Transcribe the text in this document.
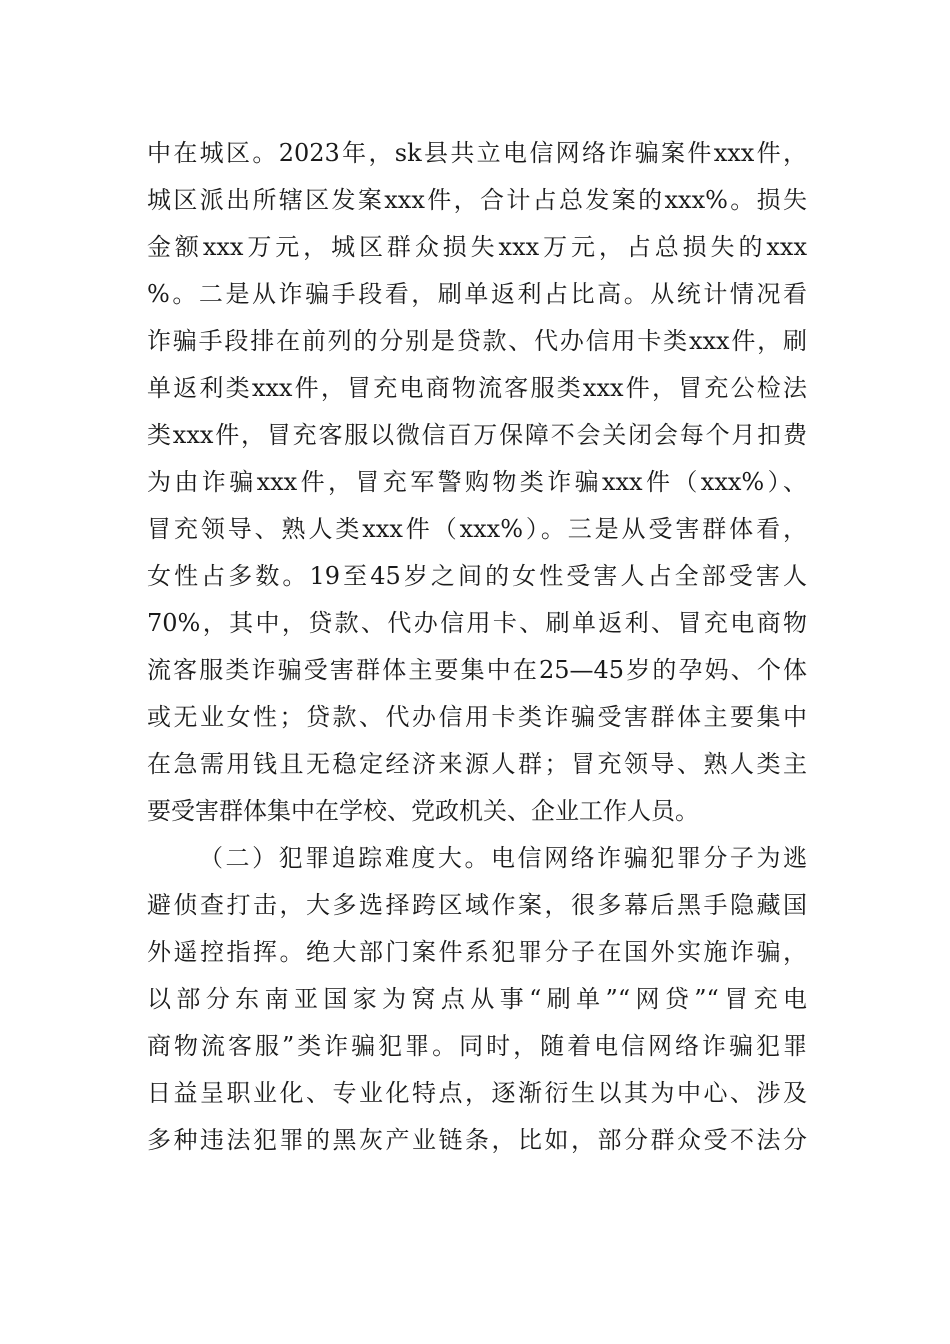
中在城区。2023年，sk县共立电信网络诈骗案件xxx件，
城区派出所辖区发案xxx件，合计占总发案的xxx%。损失
金额xxx万元，城区群众损失xxx万元，占总损失的xxx
%。二是从诈骗手段看，刷单返利占比高。从统计情况看
诈骗手段排在前列的分别是贷款、代办信用卡类xxx件，刷
单返利类xxx件，冒充电商物流客服类xxx件，冒充公检法
类xxx件，冒充客服以微信百万保障不会关闭会每个月扣费
为由诈骗xxx件，冒充军警购物类诈骗xxx件（xxx%）、
冒充领导、熟人类xxx件（xxx%）。三是从受害群体看，
女性占多数。19至45岁之间的女性受害人占全部受害人
70%，其中，贷款、代办信用卡、刷单返利、冒充电商物
流客服类诈骗受害群体主要集中在25—45岁的孕妈、个体
或无业女性；贷款、代办信用卡类诈骗受害群体主要集中
在急需用钱且无稳定经济来源人群；冒充领导、熟人类主
要受害群体集中在学校、党政机关、企业工作人员。
（二）犯罪追踪难度大。电信网络诈骗犯罪分子为逃
避侦查打击，大多选择跨区域作案，很多幕后黑手隐藏国
外遥控指挥。绝大部门案件系犯罪分子在国外实施诈骗，
以部分东南亚国家为窝点从事“刷单”“网贷”“冒充电
商物流客服”类诈骗犯罪。同时，随着电信网络诈骗犯罪
日益呈职业化、专业化特点，逐渐衍生以其为中心、涉及
多种违法犯罪的黑灰产业链条，比如，部分群众受不法分
